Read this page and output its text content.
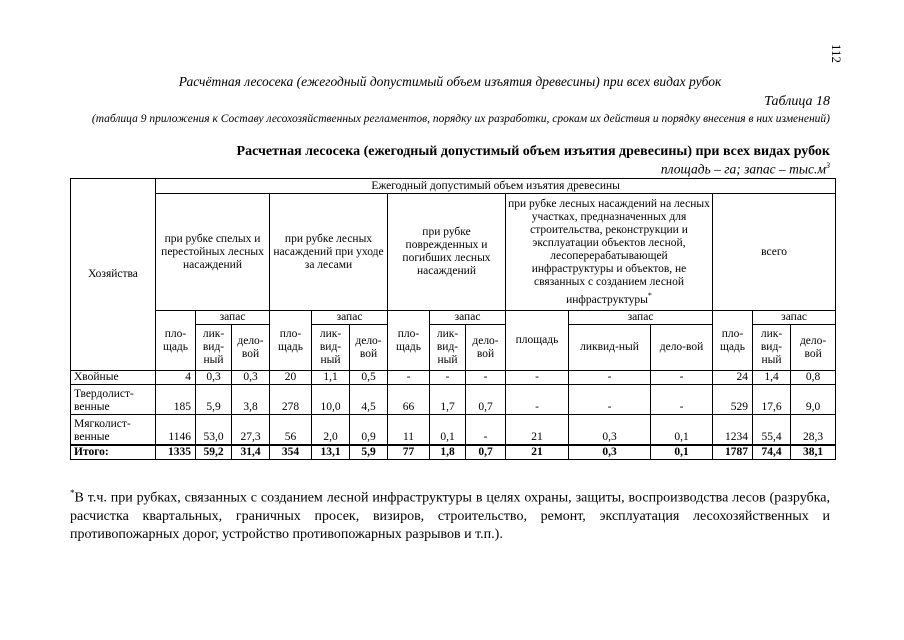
112
Расчётная лесосека (ежегодный допустимый объем изъятия древесины) при всех видах рубок
Таблица 18
(таблица 9 приложения к Составу лесохозяйственных регламентов, порядку их разработки, срокам их действия и порядку внесения в них изменений)
Расчетная лесосека (ежегодный допустимый объем изъятия древесины) при всех видах рубок
площадь – га; запас – $тыс.м^3$
Хозяйства	Ежегодный допустимый объем изъятия древесины														
	при рубке спелых и перестойных лесных насаждений			при рубке лесных насаждений при уходе за лесами			при рубке поврежденных и погибших лесных насаждений			при рубке лесных насаждений на лесных участках, предназначенных для строительства, реконструкции и эксплуатации объектов лесной, лесоперерабатывающей инфраструктуры и объектов, не связанных с созданием лесной инфраструктуры*			всего		
	пло-щадь	запас		пло-щадь	запас		пло-щадь	запас		площадь	запас		пло-щадь	запас	
		лик-вид-ный	дело-вой		лик-вид-ный	дело-вой		лик-вид-ный	дело-вой		ликвид-ный	дело-вой		лик-вид-ный	дело-вой
Хвойные	4	0,3	0,3	20	1,1	0,5	-	-	-	-	-	-	24	1,4	0,8
Твердолист-венные	185	5,9	3,8	278	10,0	4,5	66	1,7	0,7	-	-	-	529	17,6	9,0
Мягколист-венные	1146	53,0	27,3	56	2,0	0,9	11	0,1	-	21	0,3	0,1	1234	55,4	28,3
Итого:	1335	59,2	31,4	354	13,1	5,9	77	1,8	0,7	21	0,3	0,1	1787	74,4	38,1
*В т.ч. при рубках, связанных с созданием лесной инфраструктуры в целях охраны, защиты, воспроизводства лесов (разрубка, расчистка квартальных, граничных просек, визиров, строительство, ремонт, эксплуатация лесохозяйственных и противопожарных дорог, устройство противопожарных разрывов и т.п.).
